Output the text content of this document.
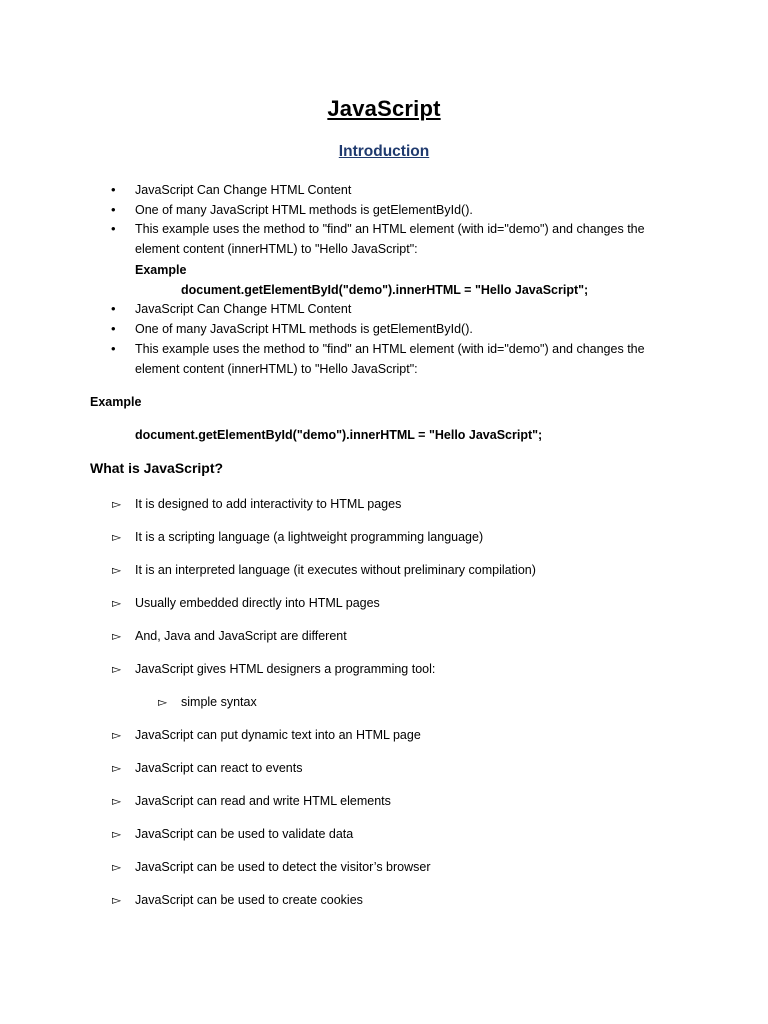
JavaScript
Introduction
• JavaScript Can Change HTML Content
• One of many JavaScript HTML methods is getElementById().
• This example uses the method to "find" an HTML element (with id="demo") and changes the
element content (innerHTML) to "Hello JavaScript":
Example
document.getElementById("demo").innerHTML = "Hello JavaScript";
• JavaScript Can Change HTML Content
• One of many JavaScript HTML methods is getElementById().
• This example uses the method to "find" an HTML element (with id="demo") and changes the
element content (innerHTML) to "Hello JavaScript":
Example
document.getElementById("demo").innerHTML = "Hello JavaScript";
What is JavaScript?
▻ It is designed to add interactivity to HTML pages
▻ It is a scripting language (a lightweight programming language)
▻ It is an interpreted language (it executes without preliminary compilation)
▻ Usually embedded directly into HTML pages
▻ And, Java and JavaScript are different
▻ JavaScript gives HTML designers a programming tool:
▻ simple syntax
▻ JavaScript can put dynamic text into an HTML page
▻ JavaScript can react to events
▻ JavaScript can read and write HTML elements
▻ JavaScript can be used to validate data
▻ JavaScript can be used to detect the visitor’s browser
▻ JavaScript can be used to create cookies
